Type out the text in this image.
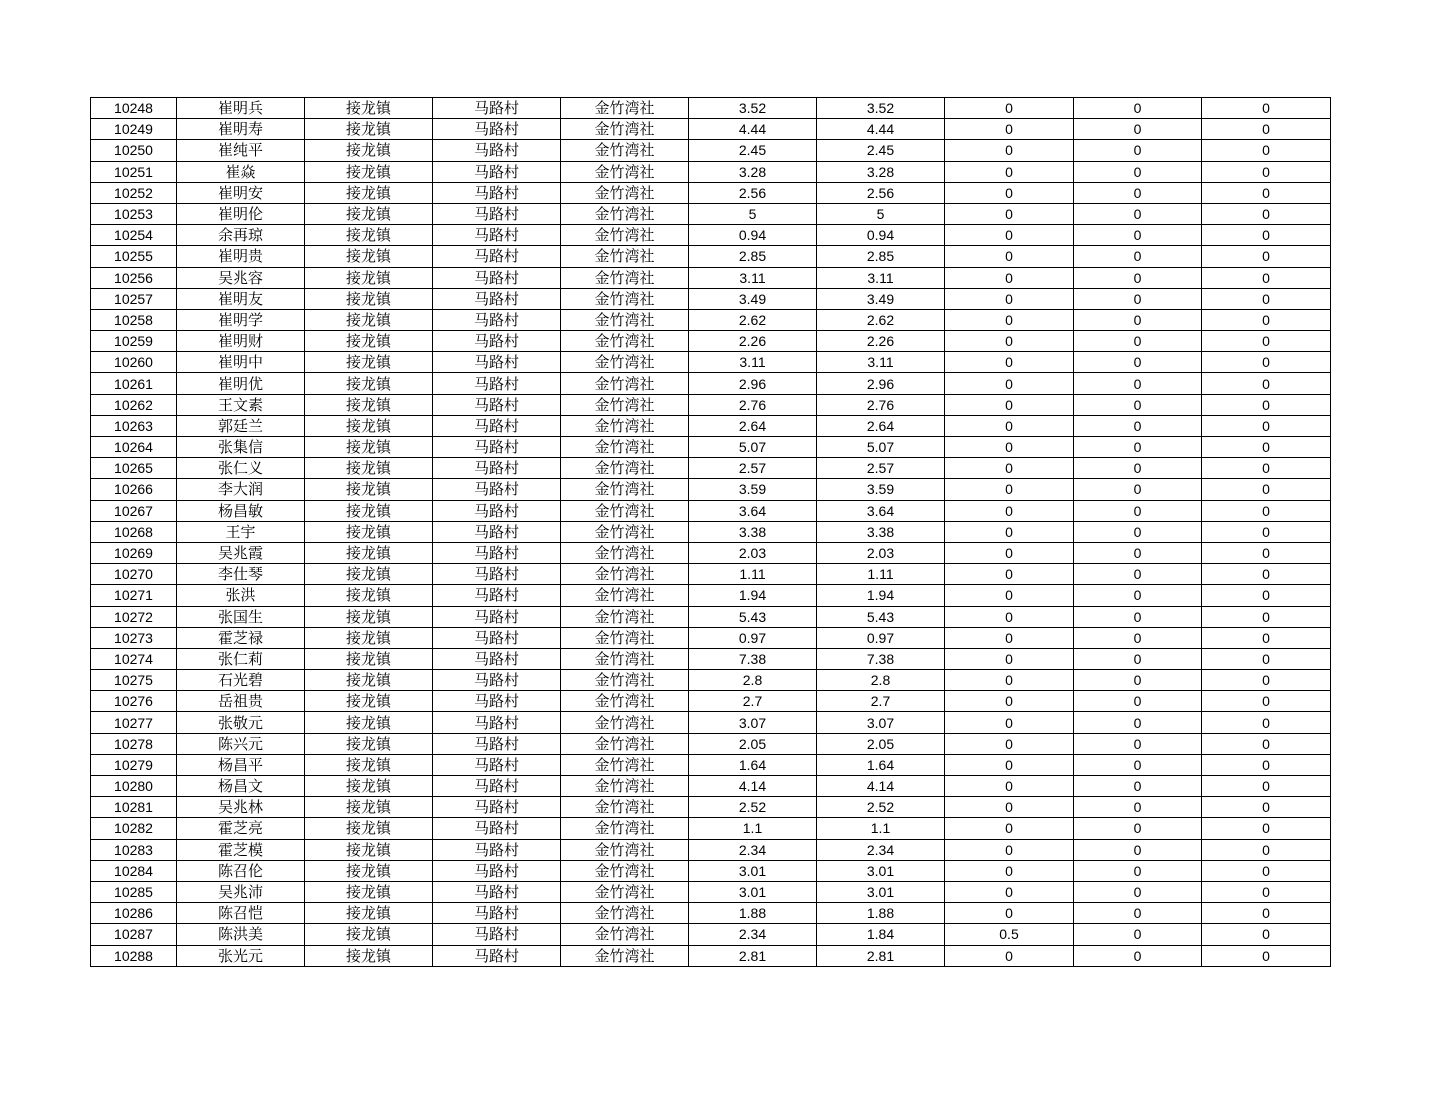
10248	崔明兵	接龙镇	马路村	金竹湾社	3.52	3.52	0	0	0
10249	崔明寿	接龙镇	马路村	金竹湾社	4.44	4.44	0	0	0
10250	崔纯平	接龙镇	马路村	金竹湾社	2.45	2.45	0	0	0
10251	崔焱	接龙镇	马路村	金竹湾社	3.28	3.28	0	0	0
10252	崔明安	接龙镇	马路村	金竹湾社	2.56	2.56	0	0	0
10253	崔明伦	接龙镇	马路村	金竹湾社	5	5	0	0	0
10254	余再琼	接龙镇	马路村	金竹湾社	0.94	0.94	0	0	0
10255	崔明贵	接龙镇	马路村	金竹湾社	2.85	2.85	0	0	0
10256	吴兆容	接龙镇	马路村	金竹湾社	3.11	3.11	0	0	0
10257	崔明友	接龙镇	马路村	金竹湾社	3.49	3.49	0	0	0
10258	崔明学	接龙镇	马路村	金竹湾社	2.62	2.62	0	0	0
10259	崔明财	接龙镇	马路村	金竹湾社	2.26	2.26	0	0	0
10260	崔明中	接龙镇	马路村	金竹湾社	3.11	3.11	0	0	0
10261	崔明优	接龙镇	马路村	金竹湾社	2.96	2.96	0	0	0
10262	王文素	接龙镇	马路村	金竹湾社	2.76	2.76	0	0	0
10263	郭廷兰	接龙镇	马路村	金竹湾社	2.64	2.64	0	0	0
10264	张集信	接龙镇	马路村	金竹湾社	5.07	5.07	0	0	0
10265	张仁义	接龙镇	马路村	金竹湾社	2.57	2.57	0	0	0
10266	李大润	接龙镇	马路村	金竹湾社	3.59	3.59	0	0	0
10267	杨昌敏	接龙镇	马路村	金竹湾社	3.64	3.64	0	0	0
10268	王宇	接龙镇	马路村	金竹湾社	3.38	3.38	0	0	0
10269	吴兆霞	接龙镇	马路村	金竹湾社	2.03	2.03	0	0	0
10270	李仕琴	接龙镇	马路村	金竹湾社	1.11	1.11	0	0	0
10271	张洪	接龙镇	马路村	金竹湾社	1.94	1.94	0	0	0
10272	张国生	接龙镇	马路村	金竹湾社	5.43	5.43	0	0	0
10273	霍芝禄	接龙镇	马路村	金竹湾社	0.97	0.97	0	0	0
10274	张仁莉	接龙镇	马路村	金竹湾社	7.38	7.38	0	0	0
10275	石光碧	接龙镇	马路村	金竹湾社	2.8	2.8	0	0	0
10276	岳祖贵	接龙镇	马路村	金竹湾社	2.7	2.7	0	0	0
10277	张敬元	接龙镇	马路村	金竹湾社	3.07	3.07	0	0	0
10278	陈兴元	接龙镇	马路村	金竹湾社	2.05	2.05	0	0	0
10279	杨昌平	接龙镇	马路村	金竹湾社	1.64	1.64	0	0	0
10280	杨昌文	接龙镇	马路村	金竹湾社	4.14	4.14	0	0	0
10281	吴兆林	接龙镇	马路村	金竹湾社	2.52	2.52	0	0	0
10282	霍芝亮	接龙镇	马路村	金竹湾社	1.1	1.1	0	0	0
10283	霍芝模	接龙镇	马路村	金竹湾社	2.34	2.34	0	0	0
10284	陈召伦	接龙镇	马路村	金竹湾社	3.01	3.01	0	0	0
10285	吴兆沛	接龙镇	马路村	金竹湾社	3.01	3.01	0	0	0
10286	陈召恺	接龙镇	马路村	金竹湾社	1.88	1.88	0	0	0
10287	陈洪美	接龙镇	马路村	金竹湾社	2.34	1.84	0.5	0	0
10288	张光元	接龙镇	马路村	金竹湾社	2.81	2.81	0	0	0
